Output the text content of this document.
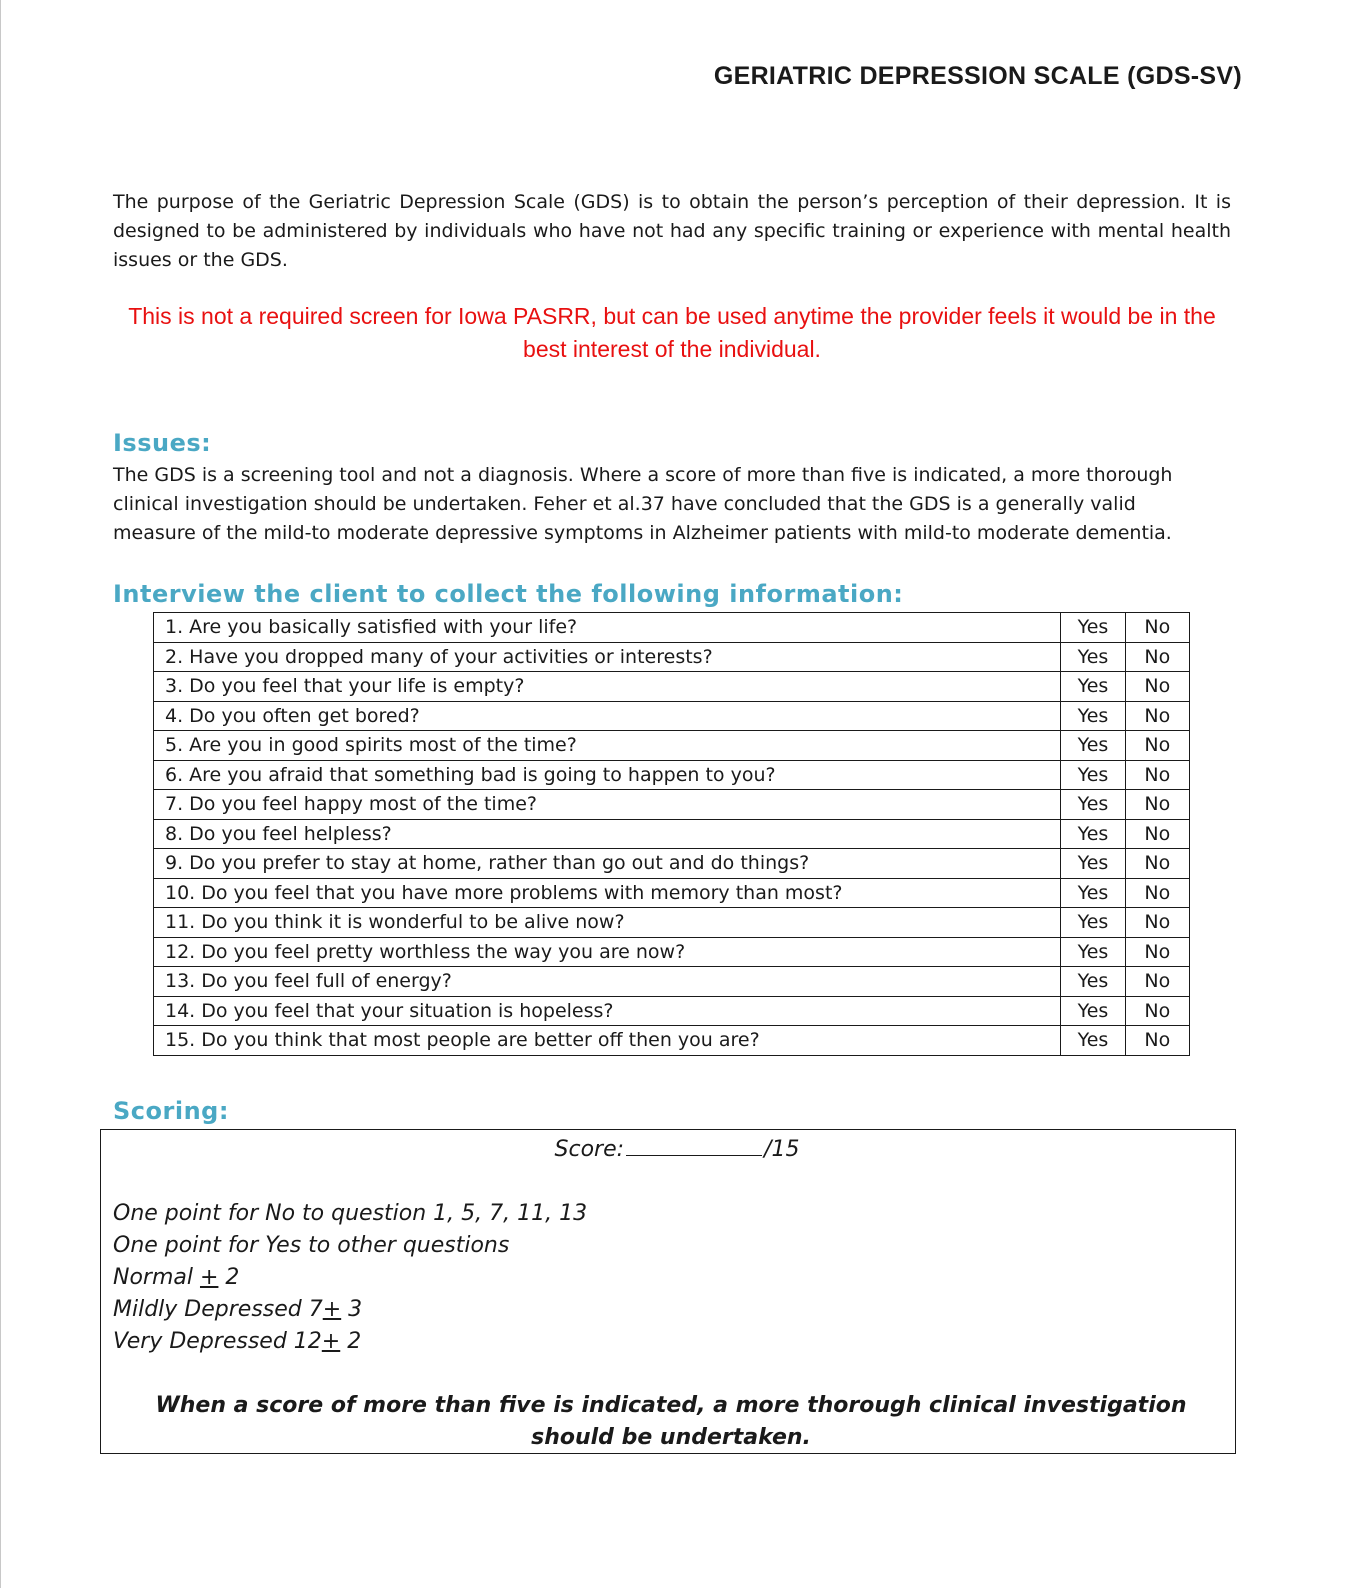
GERIATRIC DEPRESSION SCALE (GDS-SV)
The purpose of the Geriatric Depression Scale (GDS) is to obtain the person’s perception of their depression. It is designed to be administered by individuals who have not had any specific training or experience with mental health issues or the GDS.
This is not a required screen for Iowa PASRR, but can be used anytime the provider feels it would be in the best interest of the individual.
Issues:
The GDS is a screening tool and not a diagnosis. Where a score of more than five is indicated, a more thorough clinical investigation should be undertaken. Feher et al.37 have concluded that the GDS is a generally valid measure of the mild-to moderate depressive symptoms in Alzheimer patients with mild-to moderate dementia.
Interview the client to collect the following information:
1. Are you basically satisfied with your life?	Yes	No
2. Have you dropped many of your activities or interests?	Yes	No
3. Do you feel that your life is empty?	Yes	No
4. Do you often get bored?	Yes	No
5. Are you in good spirits most of the time?	Yes	No
6. Are you afraid that something bad is going to happen to you?	Yes	No
7. Do you feel happy most of the time?	Yes	No
8. Do you feel helpless?	Yes	No
9. Do you prefer to stay at home, rather than go out and do things?	Yes	No
10. Do you feel that you have more problems with memory than most?	Yes	No
11. Do you think it is wonderful to be alive now?	Yes	No
12. Do you feel pretty worthless the way you are now?	Yes	No
13. Do you feel full of energy?	Yes	No
14. Do you feel that your situation is hopeless?	Yes	No
15. Do you think that most people are better off then you are?	Yes	No
Scoring:
Score:	/15
One point for No to question 1, 5, 7, 11, 13
One point for Yes to other questions
Normal + 2
Mildly Depressed 7+ 3
Very Depressed 12+ 2
When a score of more than five is indicated, a more thorough clinical investigation should be undertaken.
